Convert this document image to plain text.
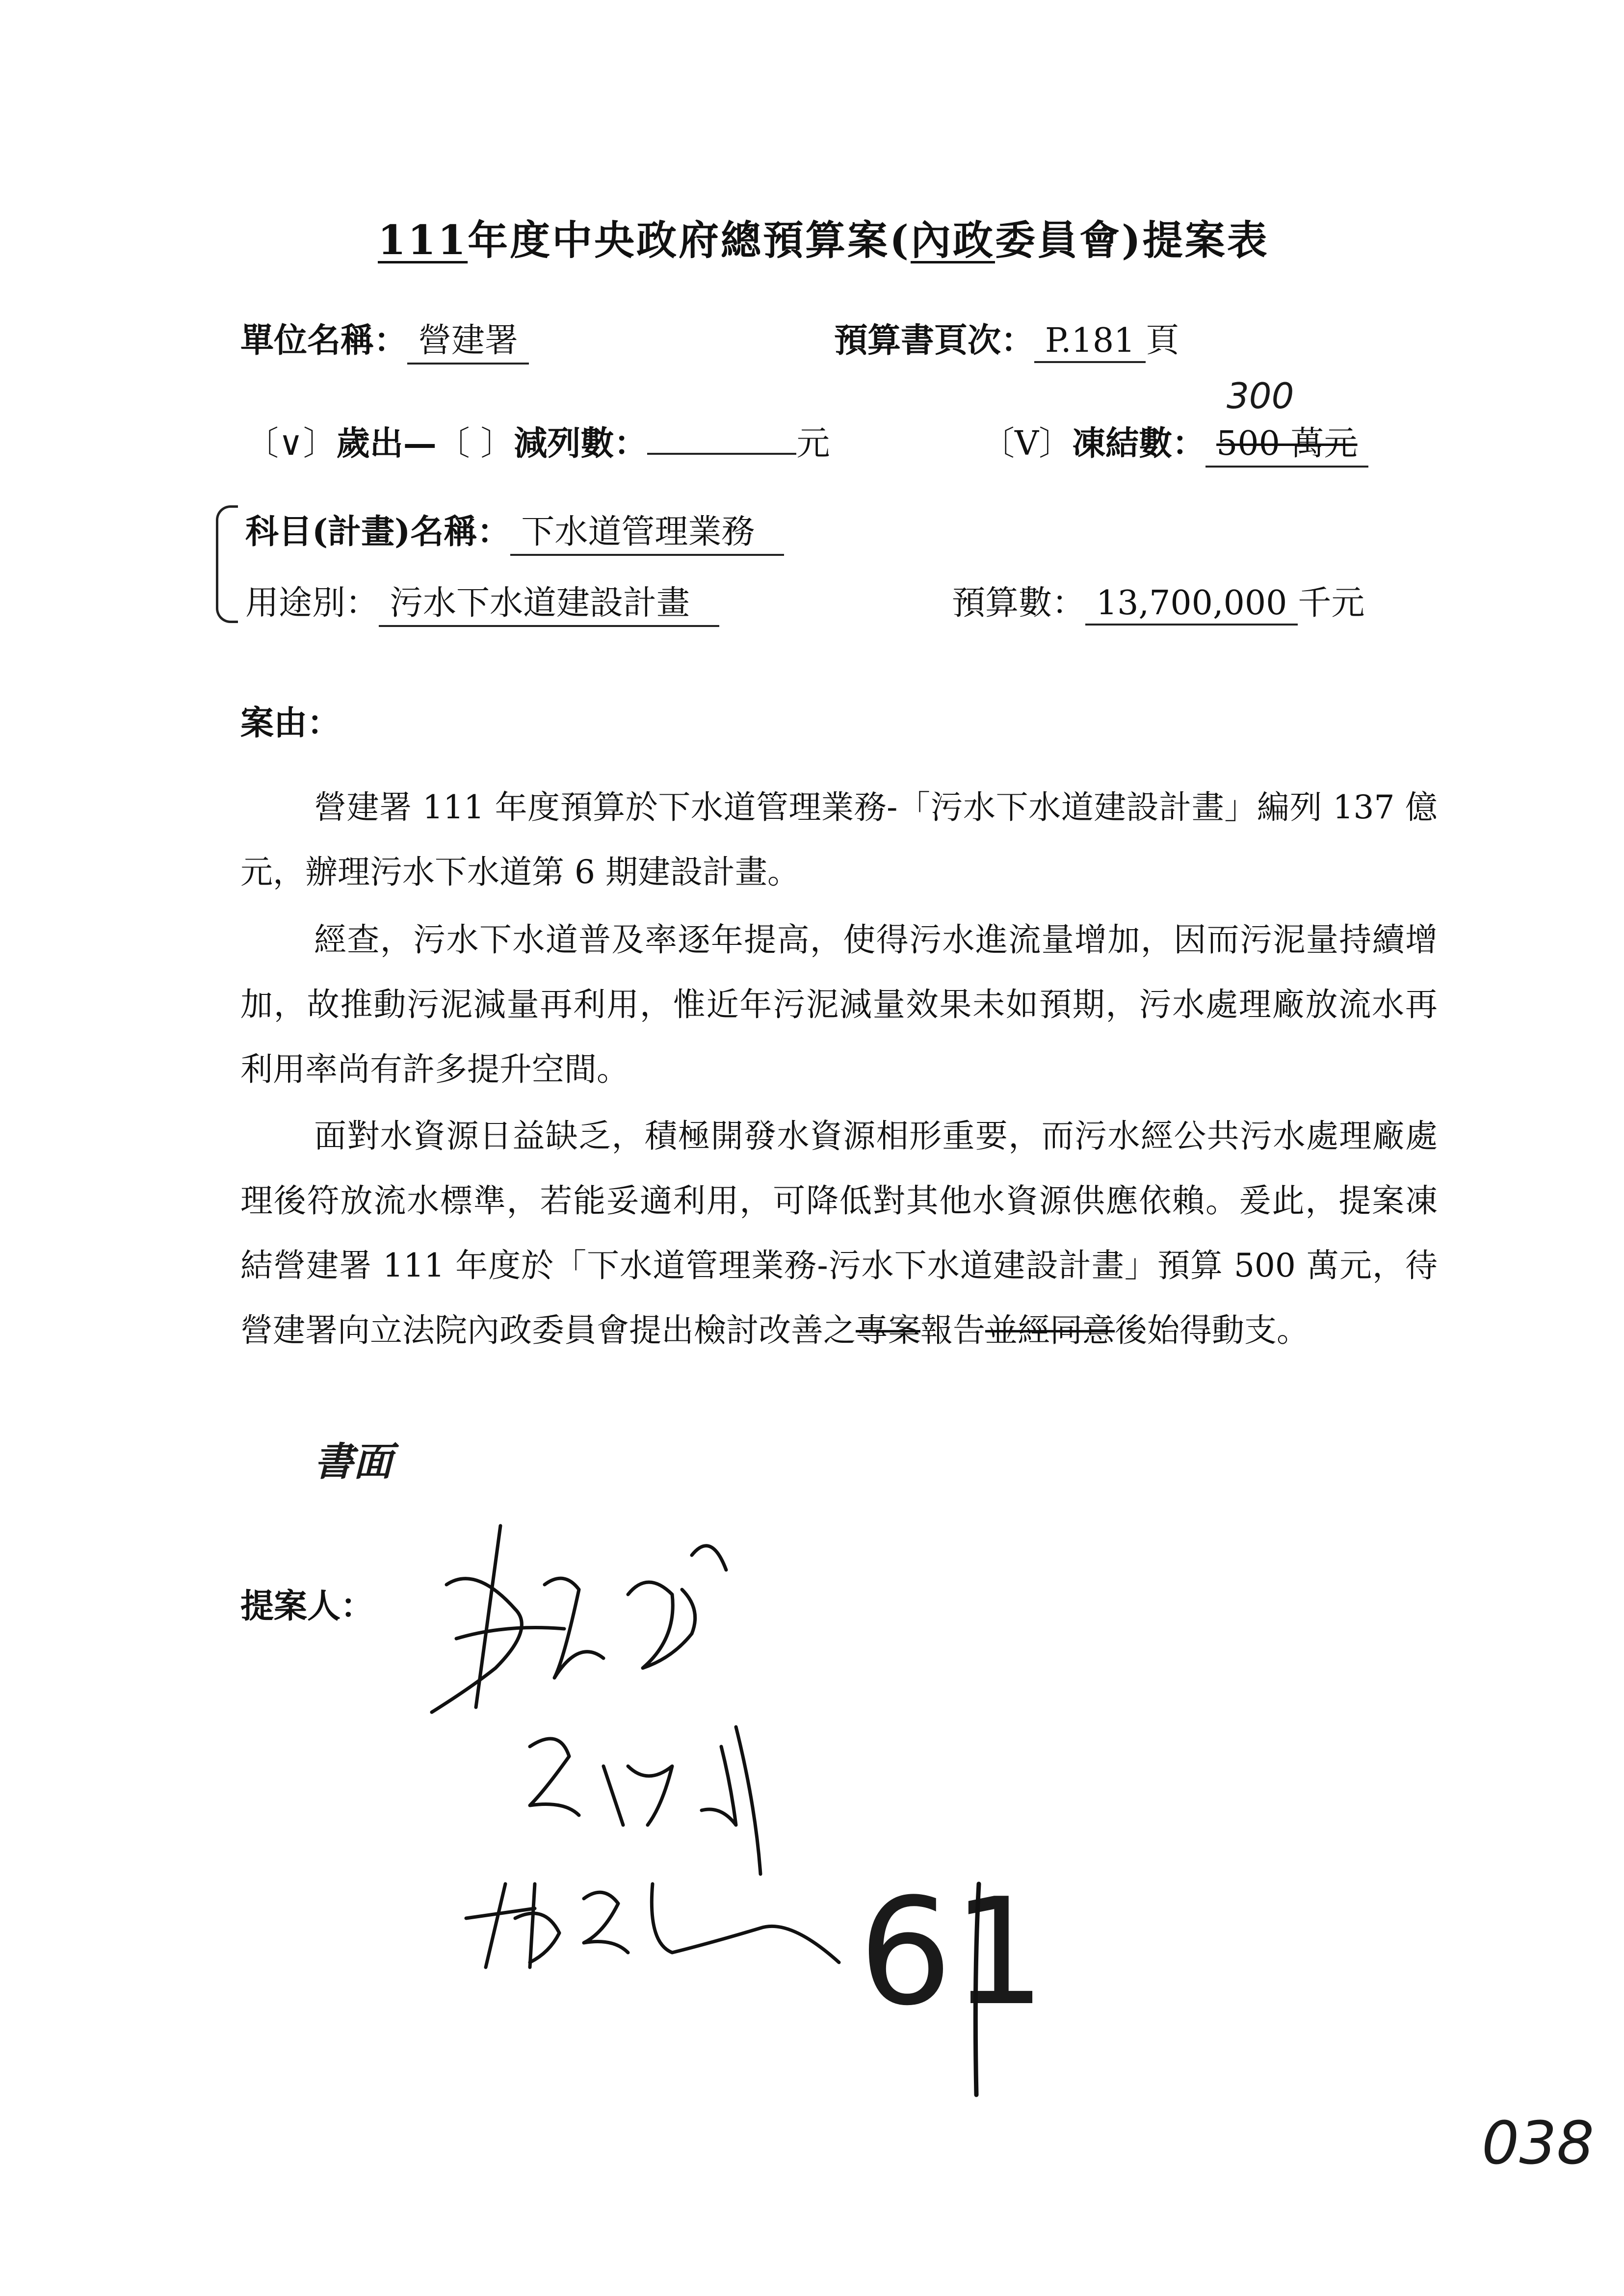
111年度中央政府總預算案(內政委員會)提案表
單位名稱： 營建署	預算書頁次： P.181 頁
〔∨〕歲出—〔 〕減列數：	元	〔V〕凍結數： 500 萬元
300
科目(計畫)名稱： 下水道管理業務
用途別： 污水下水道建設計畫	預算數： 13,700,000 千元
案由：
營建署 111 年度預算於下水道管理業務-「污水下水道建設計畫」編列 137 億元，辦理污水下水道第 6 期建設計畫。
經查，污水下水道普及率逐年提高，使得污水進流量增加，因而污泥量持續增加，故推動污泥減量再利用，惟近年污泥減量效果未如預期，污水處理廠放流水再利用率尚有許多提升空間。
面對水資源日益缺乏，積極開發水資源相形重要，而污水經公共污水處理廠處理後符放流水標準，若能妥適利用，可降低對其他水資源供應依賴。爰此，提案凍結營建署 111 年度於「下水道管理業務-污水下水道建設計畫」預算 500 萬元，待營建署向立法院內政委員會提出檢討改善之專案報告並經同意後始得動支。
書面
提案人：
61
038
